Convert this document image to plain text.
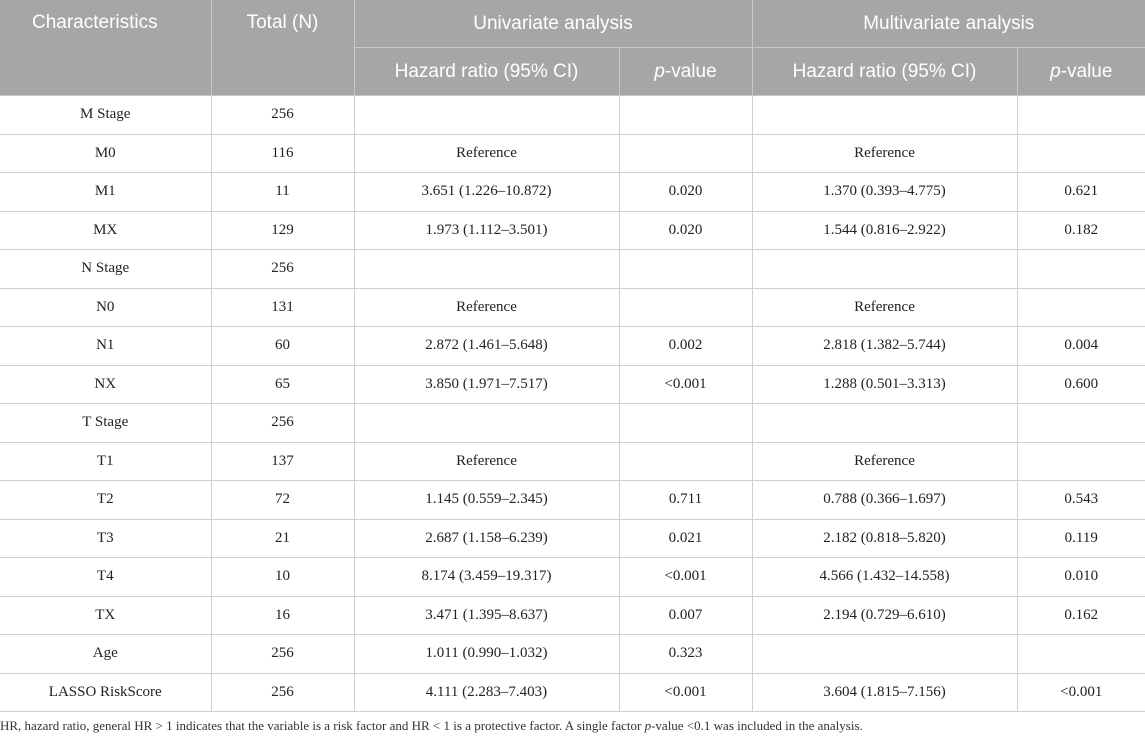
Characteristics	Total (N)	Univariate analysis		Multivariate analysis	
		Hazard ratio (95% CI)	p-value	Hazard ratio (95% CI)	p-value
M Stage	256				
M0	116	Reference		Reference	
M1	11	3.651 (1.226–10.872)	0.020	1.370 (0.393–4.775)	0.621
MX	129	1.973 (1.112–3.501)	0.020	1.544 (0.816–2.922)	0.182
N Stage	256				
N0	131	Reference		Reference	
N1	60	2.872 (1.461–5.648)	0.002	2.818 (1.382–5.744)	0.004
NX	65	3.850 (1.971–7.517)	<0.001	1.288 (0.501–3.313)	0.600
T Stage	256				
T1	137	Reference		Reference	
T2	72	1.145 (0.559–2.345)	0.711	0.788 (0.366–1.697)	0.543
T3	21	2.687 (1.158–6.239)	0.021	2.182 (0.818–5.820)	0.119
T4	10	8.174 (3.459–19.317)	<0.001	4.566 (1.432–14.558)	0.010
TX	16	3.471 (1.395–8.637)	0.007	2.194 (0.729–6.610)	0.162
Age	256	1.011 (0.990–1.032)	0.323		
LASSO RiskScore	256	4.111 (2.283–7.403)	<0.001	3.604 (1.815–7.156)	<0.001
HR, hazard ratio, general HR > 1 indicates that the variable is a risk factor and HR < 1 is a protective factor. A single factor p-value <0.1 was included in the analysis.
